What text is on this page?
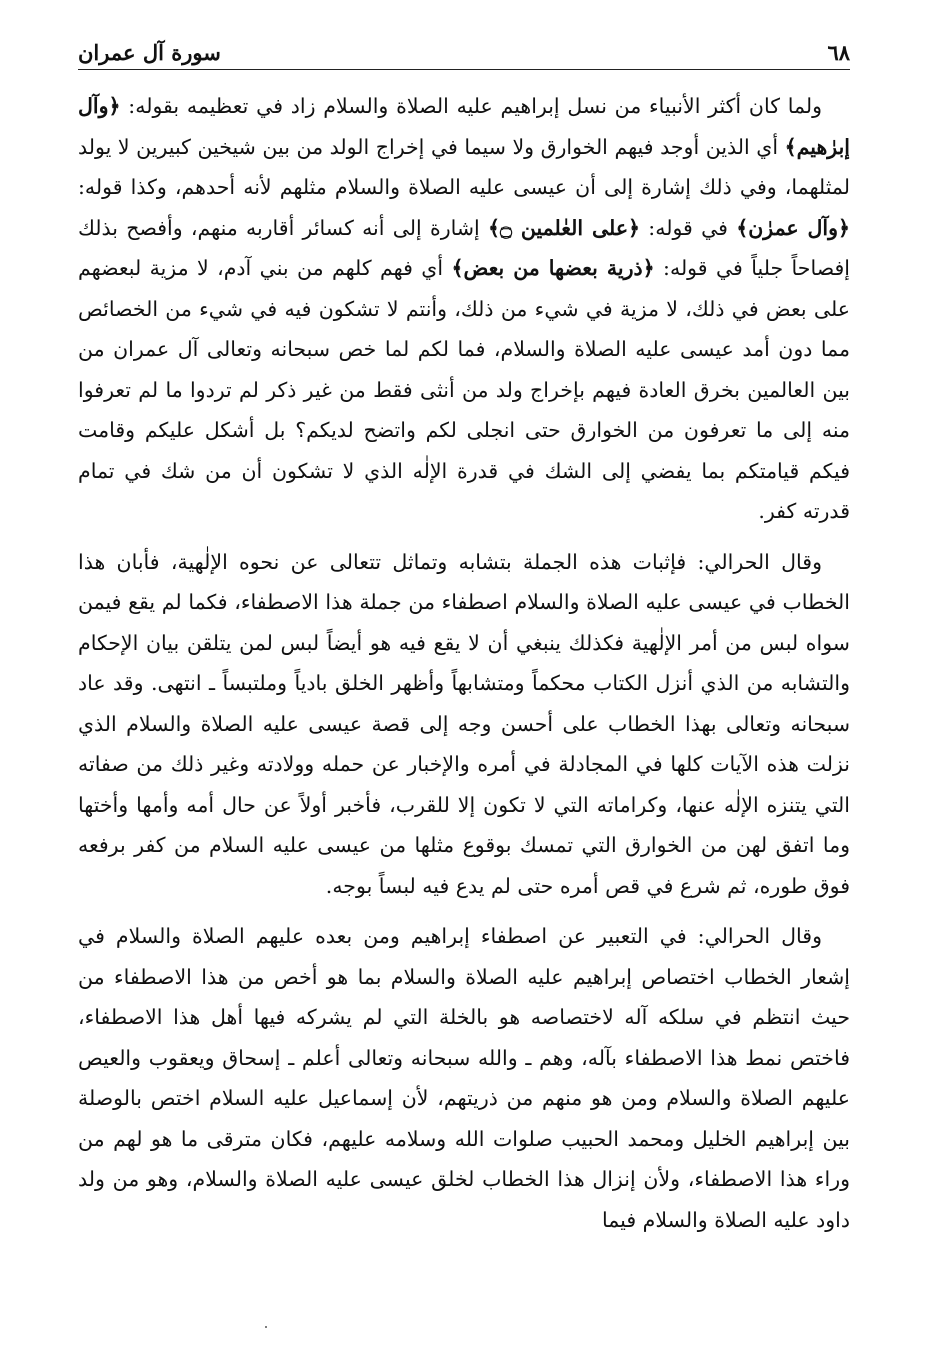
٦٨
سورة آل عمران

ولما كان أكثر الأنبياء من نسل إبراهيم عليه الصلاة والسلام زاد في تعظيمه بقوله: ﴿وآل إبرٰهيم﴾ أي الذين أوجد فيهم الخوارق ولا سيما في إخراج الولد من بين شيخين كبيرين لا يولد لمثلهما، وفي ذلك إشارة إلى أن عيسى عليه الصلاة والسلام مثلهم لأنه أحدهم، وكذا قوله: ﴿وآل عمرٰن﴾ في قوله: ﴿على العٰلمين ۝﴾ إشارة إلى أنه كسائر أقاربه منهم، وأفصح بذلك إفصاحاً جلياً في قوله: ﴿ذرية بعضها من بعض﴾ أي فهم كلهم من بني آدم، لا مزية لبعضهم على بعض في ذلك، لا مزية في شيء من ذلك، وأنتم لا تشكون فيه في شيء من الخصائص مما دون أمد عيسى عليه الصلاة والسلام، فما لكم لما خص سبحانه وتعالى آل عمران من بين العالمين بخرق العادة فيهم بإخراج ولد من أنثى فقط من غير ذكر لم تردوا ما لم تعرفوا منه إلى ما تعرفون من الخوارق حتى انجلى لكم واتضح لديكم؟ بل أشكل عليكم وقامت فيكم قيامتكم بما يفضي إلى الشك في قدرة الإلٰه الذي لا تشكون أن من شك في تمام قدرته كفر.

وقال الحرالي: فإثبات هذه الجملة بتشابه وتماثل تتعالى عن نحوه الإلٰهية، فأبان هذا الخطاب في عيسى عليه الصلاة والسلام اصطفاء من جملة هذا الاصطفاء، فكما لم يقع فيمن سواه لبس من أمر الإلٰهية فكذلك ينبغي أن لا يقع فيه هو أيضاً لبس لمن يتلقن بيان الإحكام والتشابه من الذي أنزل الكتاب محكماً ومتشابهاً وأظهر الخلق بادياً وملتبساً ـ انتهى. وقد عاد سبحانه وتعالى بهذا الخطاب على أحسن وجه إلى قصة عيسى عليه الصلاة والسلام الذي نزلت هذه الآيات كلها في المجادلة في أمره والإخبار عن حمله وولادته وغير ذلك من صفاته التي يتنزه الإلٰه عنها، وكراماته التي لا تكون إلا للقرب، فأخبر أولاً عن حال أمه وأمها وأختها وما اتفق لهن من الخوارق التي تمسك بوقوع مثلها من عيسى عليه السلام من كفر برفعه فوق طوره، ثم شرع في قص أمره حتى لم يدع فيه لبساً بوجه.

وقال الحرالي: في التعبير عن اصطفاء إبراهيم ومن بعده عليهم الصلاة والسلام في إشعار الخطاب اختصاص إبراهيم عليه الصلاة والسلام بما هو أخص من هذا الاصطفاء من حيث انتظم في سلكه آله لاختصاصه هو بالخلة التي لم يشركه فيها أهل هذا الاصطفاء، فاختص نمط هذا الاصطفاء بآله، وهم ـ والله سبحانه وتعالى أعلم ـ إسحاق ويعقوب والعيص عليهم الصلاة والسلام ومن هو منهم من ذريتهم، لأن إسماعيل عليه السلام اختص بالوصلة بين إبراهيم الخليل ومحمد الحبيب صلوات الله وسلامه عليهم، فكان مترقى ما هو لهم من وراء هذا الاصطفاء، ولأن إنزال هذا الخطاب لخلق عيسى عليه الصلاة والسلام، وهو من ولد داود عليه الصلاة والسلام فيما
